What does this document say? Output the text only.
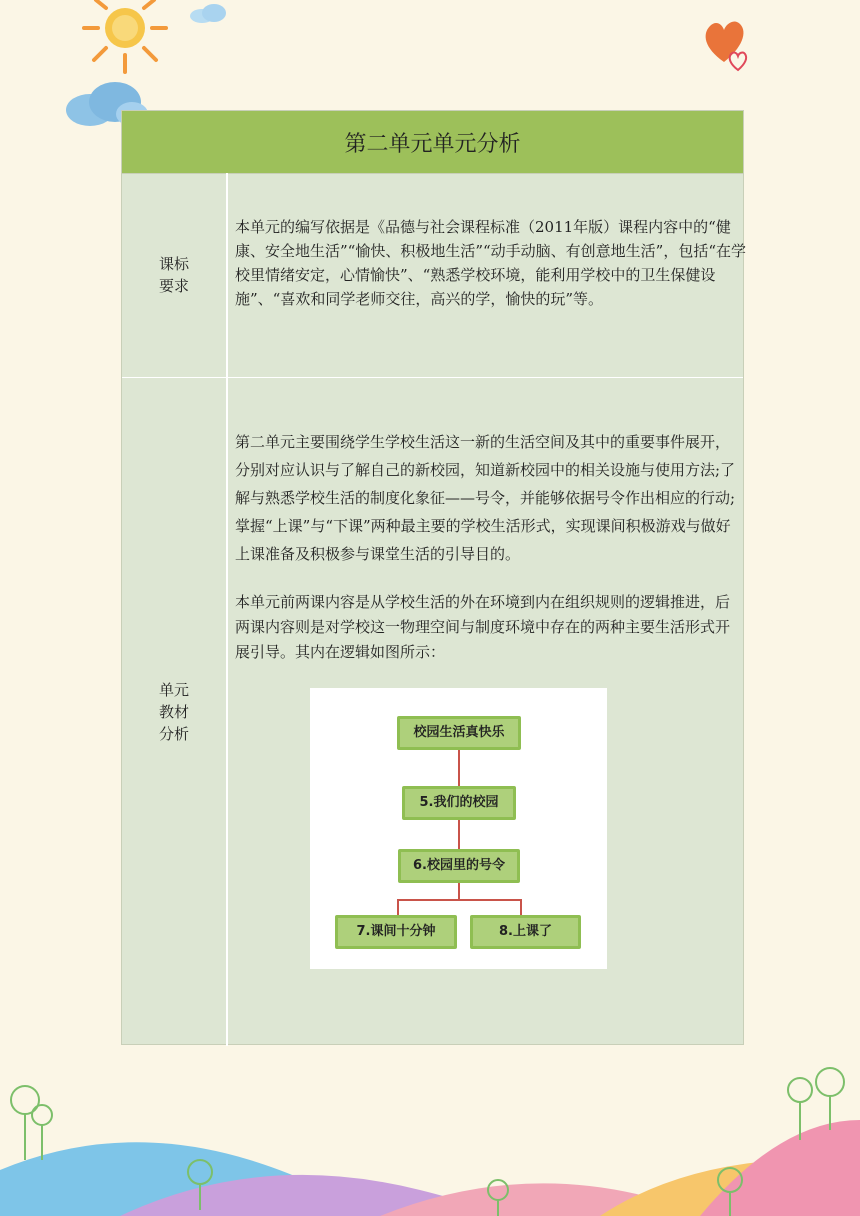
第二单元单元分析
课标
要求
本单元的编写依据是《品德与社会课程标准（2011年版）课程内容中的“健康、安全地生活”“愉快、积极地生活”“动手动脑、有创意地生活”，包括“在学校里情绪安定，心情愉快”、“熟悉学校环境，能利用学校中的卫生保健设施”、“喜欢和同学老师交往，高兴的学，愉快的玩”等。
单元
教材
分析
第二单元主要围绕学生学校生活这一新的生活空间及其中的重要事件展开，分别对应认识与了解自己的新校园，知道新校园中的相关设施与使用方法;了解与熟悉学校生活的制度化象征——号令，并能够依据号令作出相应的行动;掌握“上课”与“下课”两种最主要的学校生活形式，实现课间积极游戏与做好上课准备及积极参与课堂生活的引导目的。
本单元前两课内容是从学校生活的外在环境到内在组织规则的逻辑推进，后两课内容则是对学校这一物理空间与制度环境中存在的两种主要生活形式开展引导。其内在逻辑如图所示：
校园生活真快乐
5.我们的校园
6.校园里的号令
7.课间十分钟	8.上课了
